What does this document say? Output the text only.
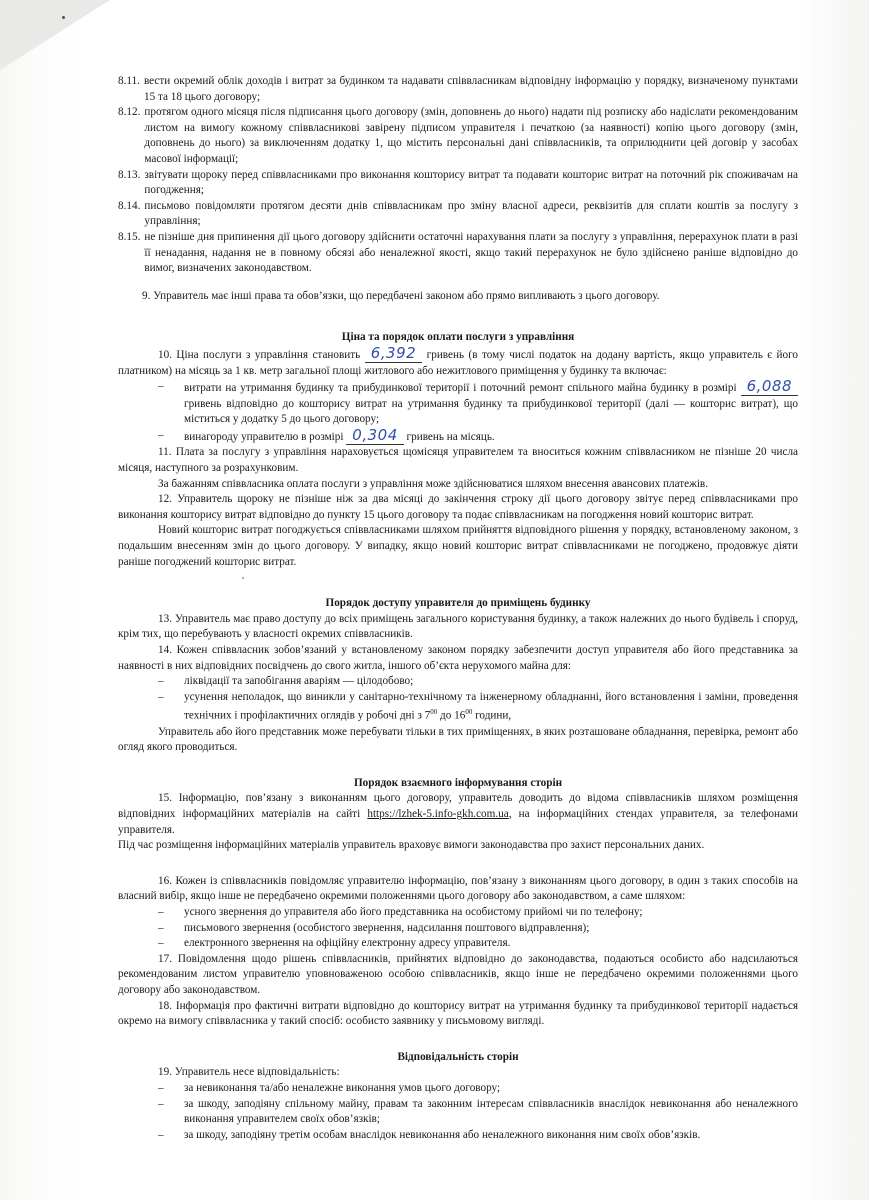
8.11. вести окремий облік доходів і витрат за будинком та надавати співвласникам відповідну інформацію у порядку, визначеному пунктами 15 та 18 цього договору;
8.12. протягом одного місяця після підписання цього договору (змін, доповнень до нього) надати під розписку або надіслати рекомендованим листом на вимогу кожному співвласникові завірену підписом управителя і печаткою (за наявності) копію цього договору (змін, доповнень до нього) за виключенням додатку 1, що містить персональні дані співвласників, та оприлюднити цей договір у засобах масової інформації;
8.13. звітувати щороку перед співвласниками про виконання кошторису витрат та подавати кошторис витрат на поточний рік споживачам на погодження;
8.14. письмово повідомляти протягом десяти днів співвласникам про зміну власної адреси, реквізитів для сплати коштів за послугу з управління;
8.15. не пізніше дня припинення дії цього договору здійснити остаточні нарахування плати за послугу з управління, перерахунок плати в разі її ненадання, надання не в повному обсязі або неналежної якості, якщо такий перерахунок не було здійснено раніше відповідно до вимог, визначених законодавством.

9. Управитель має інші права та обов’язки, що передбачені законом або прямо випливають з цього договору.

Ціна та порядок оплати послуги з управління

10. Ціна послуги з управління становить 6,392 гривень (в тому числі податок на додану вартість, якщо управитель є його платником) на місяць за 1 кв. метр загальної площі житлового або нежитлового приміщення у будинку та включає:

–	витрати на утримання будинку та прибудинкової території і поточний ремонт спільного майна будинку в розмірі 6,088 гривень відповідно до кошторису витрат на утримання будинку та прибудинкової території (далі — кошторис витрат), що міститься у додатку 5 до цього договору;
–	винагороду управителю в розмірі 0,304 гривень на місяць.

11. Плата за послугу з управління нараховується щомісяця управителем та вноситься кожним співвласником не пізніше 20 числа місяця, наступного за розрахунковим.

За бажанням співвласника оплата послуги з управління може здійснюватися шляхом внесення авансових платежів.

12. Управитель щороку не пізніше ніж за два місяці до закінчення строку дії цього договору звітує перед співвласниками про виконання кошторису витрат відповідно до пункту 15 цього договору та подає співвласникам на погодження новий кошторис витрат.

Новий кошторис витрат погоджується співвласниками шляхом прийняття відповідного рішення у порядку, встановленому законом, з подальшим внесенням змін до цього договору. У випадку, якщо новий кошторис витрат співвласниками не погоджено, продовжує діяти раніше погоджений кошторис витрат.

Порядок доступу управителя до приміщень будинку

13. Управитель має право доступу до всіх приміщень загального користування будинку, а також належних до нього будівель і споруд, крім тих, що перебувають у власності окремих співвласників.

14. Кожен співвласник зобов’язаний у встановленому законом порядку забезпечити доступ управителя або його представника за наявності в них відповідних посвідчень до свого житла, іншого об’єкта нерухомого майна для:

–	ліквідації та запобігання аваріям — цілодобово;
–	усунення неполадок, що виникли у санітарно-технічному та інженерному обладнанні, його встановлення і заміни, проведення технічних і профілактичних оглядів у робочі дні з $7^{00}$ до $16^{00}$ години,

Управитель або його представник може перебувати тільки в тих приміщеннях, в яких розташоване обладнання, перевірка, ремонт або огляд якого проводиться.

Порядок взаємного інформування сторін

15. Інформацію, пов’язану з виконанням цього договору, управитель доводить до відома співвласників шляхом розміщення відповідних інформаційних матеріалів на сайті https://lzhek-5.info-gkh.com.ua, на інформаційних стендах управителя, за телефонами управителя.

Під час розміщення інформаційних матеріалів управитель враховує вимоги законодавства про захист персональних даних.

16. Кожен із співвласників повідомляє управителю інформацію, пов’язану з виконанням цього договору, в один з таких способів на власний вибір, якщо інше не передбачено окремими положеннями цього договору або законодавством, а саме шляхом:

–	усного звернення до управителя або його представника на особистому прийомі чи по телефону;
–	письмового звернення (особистого звернення, надсилання поштового відправлення);
–	електронного звернення на офіційну електронну адресу управителя.

17. Повідомлення щодо рішень співвласників, прийнятих відповідно до законодавства, подаються особисто або надсилаються рекомендованим листом управителю уповноваженою особою співвласників, якщо інше не передбачено окремими положеннями цього договору або законодавством.

18. Інформація про фактичні витрати відповідно до кошторису витрат на утримання будинку та прибудинкової території надається окремо на вимогу співвласника у такий спосіб: особисто заявнику у письмовому вигляді.

Відповідальність сторін

19. Управитель несе відповідальність:

–	за невиконання та/або неналежне виконання умов цього договору;
–	за шкоду, заподіяну спільному майну, правам та законним інтересам співвласників внаслідок невиконання або неналежного виконання управителем своїх обов’язків;
–	за шкоду, заподіяну третім особам внаслідок невиконання або неналежного виконання ним своїх обов’язків.
